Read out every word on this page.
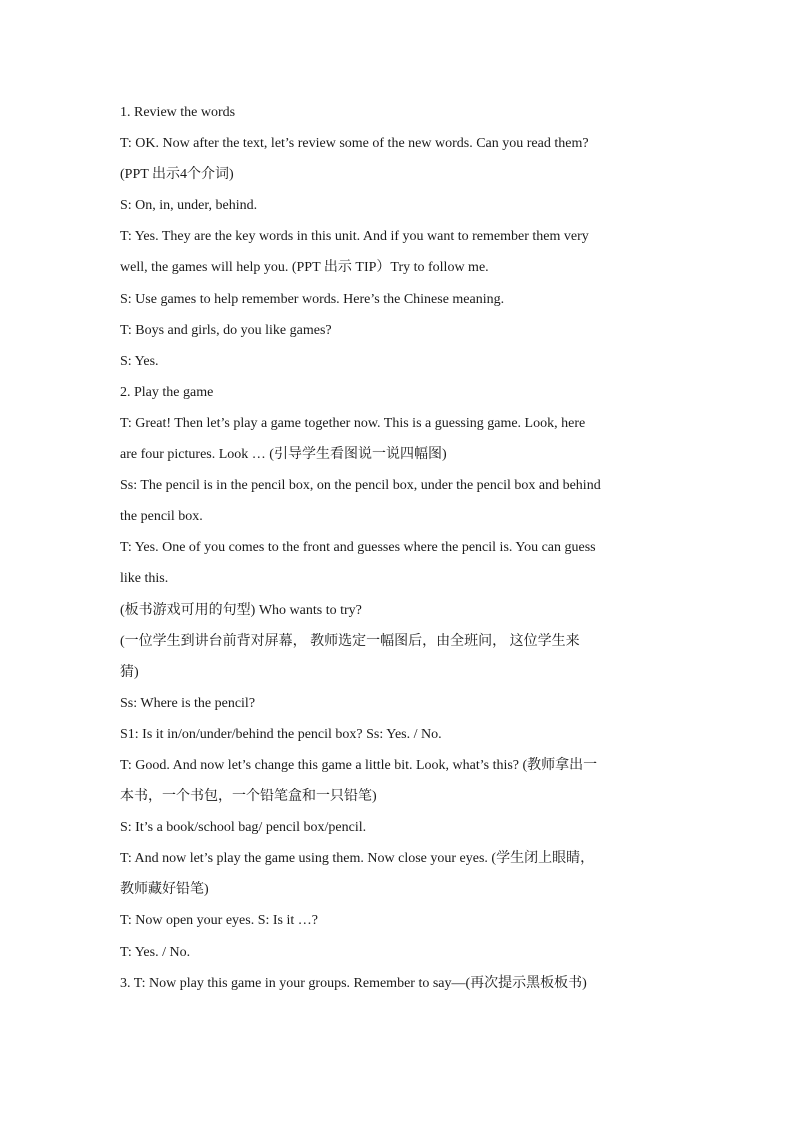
1. Review the words
T: OK. Now after the text, let’s review some of the new words. Can you read them?
(PPT 出示4个介词)
S: On, in, under, behind.
T: Yes. They are the key words in this unit. And if you want to remember them very
well, the games will help you. (PPT 出示 TIP）Try to follow me.
S: Use games to help remember words. Here’s the Chinese meaning.
T: Boys and girls, do you like games?
S: Yes.
2. Play the game
T: Great! Then let’s play a game together now. This is a guessing game. Look, here
are four pictures. Look … (引导学生看图说一说四幅图)
Ss: The pencil is in the pencil box, on the pencil box, under the pencil box and behind
the pencil box.
T: Yes. One of you comes to the front and guesses where the pencil is. You can guess
like this.
(板书游戏可用的句型) Who wants to try?
(一位学生到讲台前背对屏幕， 教师选定一幅图后，由全班问， 这位学生来
猜)
Ss: Where is the pencil?
S1: Is it in/on/under/behind the pencil box? Ss: Yes. / No.
T: Good. And now let’s change this game a little bit. Look, what’s this? (教师拿出一
本书，一个书包，一个铅笔盒和一只铅笔)
S: It’s a book/school bag/ pencil box/pencil.
T: And now let’s play the game using them. Now close your eyes. (学生闭上眼睛，
教师藏好铅笔)
T: Now open your eyes. S: Is it …?
T: Yes. / No.
3. T: Now play this game in your groups. Remember to say—(再次提示黑板板书)
